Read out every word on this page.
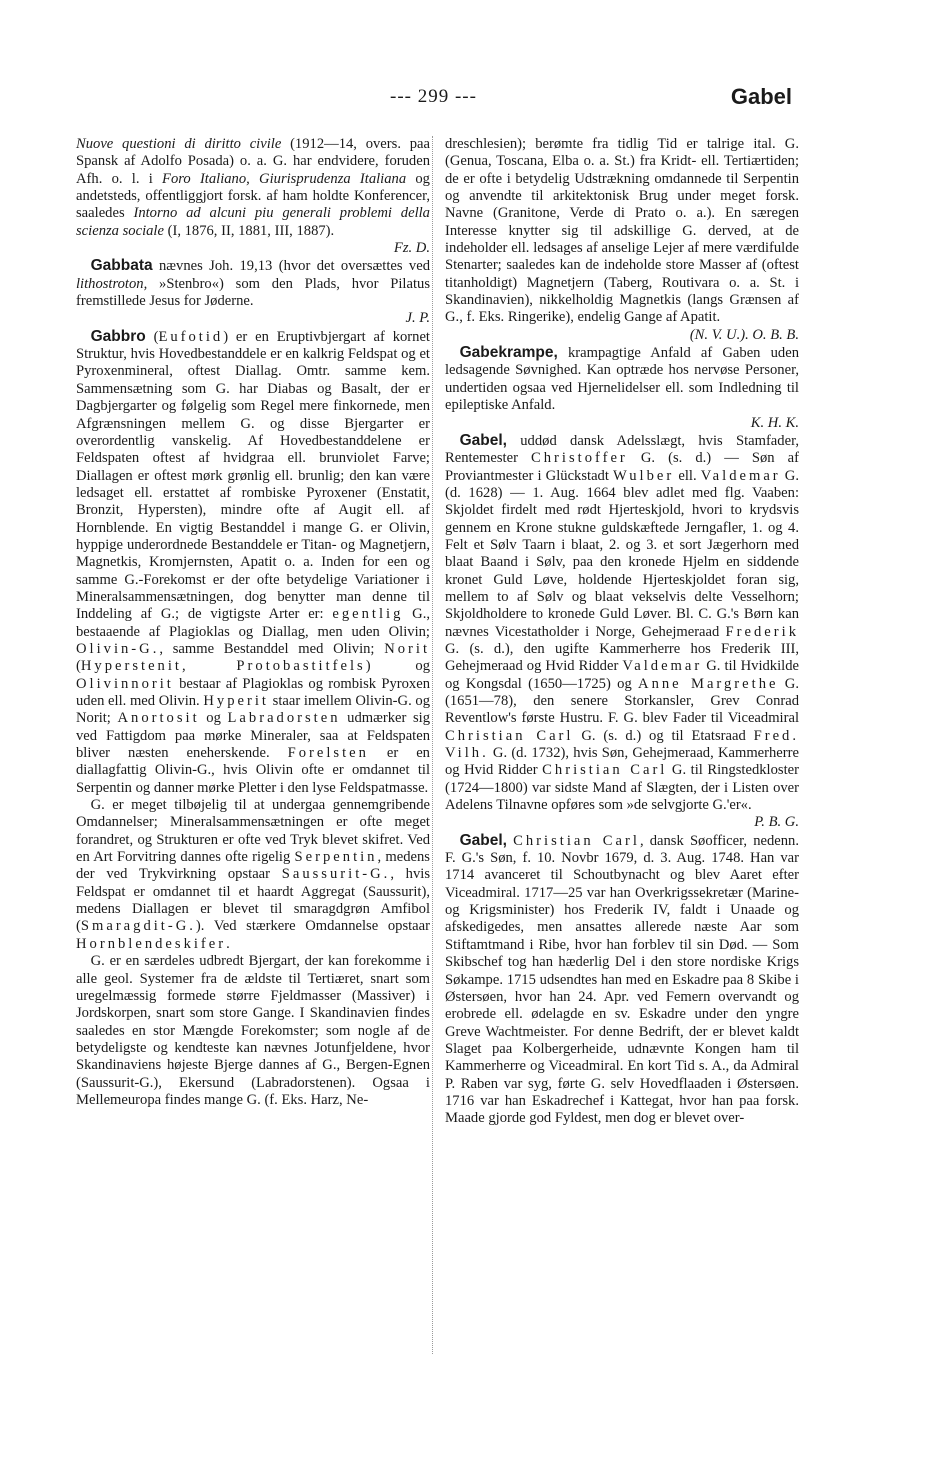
--- 299 ---	Gabel

Nuove questioni di diritto civile (1912—14, overs. paa Spansk af Adolfo Posada) o. a. G. har endvidere, foruden Afh. o. l. i Foro Italiano, Giurisprudenza Italiana og andetsteds, offentliggjort forsk. af ham holdte Konferencer, saaledes Intorno ad alcuni piu generali problemi della scienza sociale (I, 1876, II, 1881, III, 1887).
Fz. D.

Gabbata nævnes Joh. 19,13 (hvor det oversættes ved lithostroton, »Stenbro«) som den Plads, hvor Pilatus fremstillede Jesus for Jøderne.
J. P.

Gabbro (Eufotid) er en Eruptivbjergart af kornet Struktur, hvis Hovedbestanddele er en kalkrig Feldspat og et Pyroxenmineral, oftest Diallag. Omtr. samme kem. Sammensætning som G. har Diabas og Basalt, der er Dagbjergarter og følgelig som Regel mere finkornede, men Afgrænsningen mellem G. og disse Bjergarter er overordentlig vanskelig. Af Hovedbestanddelene er Feldspaten oftest af hvidgraa ell. brunviolet Farve; Diallagen er oftest mørk grønlig ell. brunlig; den kan være ledsaget ell. erstattet af rombiske Pyroxener (Enstatit, Bronzit, Hypersten), mindre ofte af Augit ell. af Hornblende. En vigtig Bestanddel i mange G. er Olivin, hyppige underordnede Bestanddele er Titan- og Magnetjern, Magnetkis, Kromjernsten, Apatit o. a. Inden for een og samme G.-Forekomst er der ofte betydelige Variationer i Mineralsammensætningen, dog benytter man denne til Inddeling af G.; de vigtigste Arter er: egentlig G., bestaaende af Plagioklas og Diallag, men uden Olivin; Olivin-G., samme Bestanddel med Olivin; Norit (Hyperstenit, Protobastitfels) og Olivinnorit bestaar af Plagioklas og rombisk Pyroxen uden ell. med Olivin. Hyperit staar imellem Olivin-G. og Norit; Anortosit og Labradorsten udmærker sig ved Fattigdom paa mørke Mineraler, saa at Feldspaten bliver næsten eneherskende. Forelsten er en diallagfattig Olivin-G., hvis Olivin ofte er omdannet til Serpentin og danner mørke Pletter i den lyse Feldspatmasse.

G. er meget tilbøjelig til at undergaa gennemgribende Omdannelser; Mineralsammensætningen er ofte meget forandret, og Strukturen er ofte ved Tryk blevet skifret. Ved en Art Forvitring dannes ofte rigelig Serpentin, medens der ved Trykvirkning opstaar Saussurit-G., hvis Feldspat er omdannet til et haardt Aggregat (Saussurit), medens Diallagen er blevet til smaragdgrøn Amfibol (Smaragdit-G.). Ved stærkere Omdannelse opstaar Hornblendeskifer.

G. er en særdeles udbredt Bjergart, der kan forekomme i alle geol. Systemer fra de ældste til Tertiæret, snart som uregelmæssig formede større Fjeldmasser (Massiver) i Jordskorpen, snart som store Gange. I Skandinavien findes saaledes en stor Mængde Forekomster; som nogle af de betydeligste og kendteste kan nævnes Jotunfjeldene, hvor Skandinaviens højeste Bjerge dannes af G., Bergen-Egnen (Saussurit-G.), Ekersund (Labradorstenen). Ogsaa i Mellemeuropa findes mange G. (f. Eks. Harz, Ne-

dreschlesien); berømte fra tidlig Tid er talrige ital. G. (Genua, Toscana, Elba o. a. St.) fra Kridt- ell. Tertiærtiden; de er ofte i betydelig Udstrækning omdannede til Serpentin og anvendte til arkitektonisk Brug under meget forsk. Navne (Granitone, Verde di Prato o. a.). En særegen Interesse knytter sig til adskillige G. derved, at de indeholder ell. ledsages af anselige Lejer af mere værdifulde Stenarter; saaledes kan de indeholde store Masser af (oftest titanholdigt) Magnetjern (Taberg, Routivara o. a. St. i Skandinavien), nikkelholdig Magnetkis (langs Grænsen af G., f. Eks. Ringerike), endelig Gange af Apatit.
(N. V. U.). O. B. B.

Gabekrampe, krampagtige Anfald af Gaben uden ledsagende Søvnighed. Kan optræde hos nervøse Personer, undertiden ogsaa ved Hjernelidelser ell. som Indledning til epileptiske Anfald.
K. H. K.

Gabel, uddød dansk Adelsslægt, hvis Stamfader, Rentemester Christoffer G. (s. d.) — Søn af Proviantmester i Glückstadt Wulber ell. Valdemar G. (d. 1628) — 1. Aug. 1664 blev adlet med flg. Vaaben: Skjoldet firdelt med rødt Hjerteskjold, hvori to krydsvis gennem en Krone stukne guldskæftede Jerngafler, 1. og 4. Felt et Sølv Taarn i blaat, 2. og 3. et sort Jægerhorn med blaat Baand i Sølv, paa den kronede Hjelm en siddende kronet Guld Løve, holdende Hjerteskjoldet foran sig, mellem to af Sølv og blaat vekselvis delte Vesselhorn; Skjoldholdere to kronede Guld Løver. Bl. C. G.'s Børn kan nævnes Vicestatholder i Norge, Gehejmeraad Frederik G. (s. d.), den ugifte Kammerherre hos Frederik III, Gehejmeraad og Hvid Ridder Valdemar G. til Hvidkilde og Kongsdal (1650—1725) og Anne Margrethe G. (1651—78), den senere Storkansler, Grev Conrad Reventlow's første Hustru. F. G. blev Fader til Viceadmiral Christian Carl G. (s. d.) og til Etatsraad Fred. Vilh. G. (d. 1732), hvis Søn, Gehejmeraad, Kammerherre og Hvid Ridder Christian Carl G. til Ringstedkloster (1724—1800) var sidste Mand af Slægten, der i Listen over Adelens Tilnavne opføres som »de selvgjorte G.'er«.
P. B. G.

Gabel, Christian Carl, dansk Søofficer, nedenn. F. G.'s Søn, f. 10. Novbr 1679, d. 3. Aug. 1748. Han var 1714 avanceret til Schoutbynacht og blev Aaret efter Viceadmiral. 1717—25 var han Overkrigssekretær (Marine- og Krigsminister) hos Frederik IV, faldt i Unaade og afskedigedes, men ansattes allerede næste Aar som Stiftamtmand i Ribe, hvor han forblev til sin Død. — Som Skibschef tog han hæderlig Del i den store nordiske Krigs Søkampe. 1715 udsendtes han med en Eskadre paa 8 Skibe i Østersøen, hvor han 24. Apr. ved Femern overvandt og erobrede ell. ødelagde en sv. Eskadre under den yngre Greve Wachtmeister. For denne Bedrift, der er blevet kaldt Slaget paa Kolbergerheide, udnævnte Kongen ham til Kammerherre og Viceadmiral. En kort Tid s. A., da Admiral P. Raben var syg, førte G. selv Hovedflaaden i Østersøen. 1716 var han Eskadrechef i Kattegat, hvor han paa forsk. Maade gjorde god Fyldest, men dog er blevet over-
